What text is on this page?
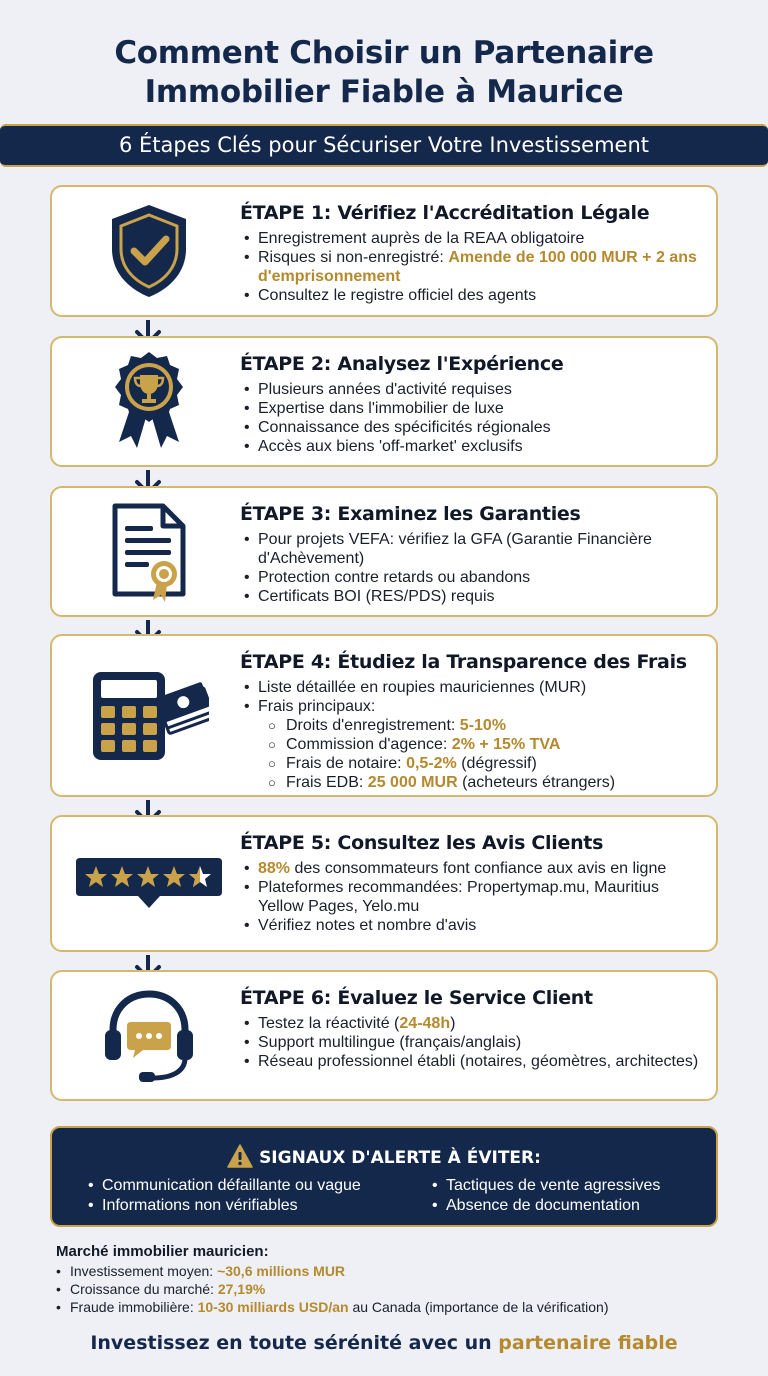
Comment Choisir un Partenaire
Immobilier Fiable à Maurice
6 Étapes Clés pour Sécuriser Votre Investissement
ÉTAPE 1: Vérifiez l'Accréditation Légale
• Enregistrement auprès de la REAA obligatoire
• Risques si non-enregistré: Amende de 100 000 MUR + 2 ans d'emprisonnement
• Consultez le registre officiel des agents
ÉTAPE 2: Analysez l'Expérience
• Plusieurs années d'activité requises
• Expertise dans l'immobilier de luxe
• Connaissance des spécificités régionales
• Accès aux biens 'off-market' exclusifs
ÉTAPE 3: Examinez les Garanties
• Pour projets VEFA: vérifiez la GFA (Garantie Financière d'Achèvement)
• Protection contre retards ou abandons
• Certificats BOI (RES/PDS) requis
ÉTAPE 4: Étudiez la Transparence des Frais
• Liste détaillée en roupies mauriciennes (MUR)
• Frais principaux:
○ Droits d'enregistrement: 5-10%
○ Commission d'agence: 2% + 15% TVA
○ Frais de notaire: 0,5-2% (dégressif)
○ Frais EDB: 25 000 MUR (acheteurs étrangers)
ÉTAPE 5: Consultez les Avis Clients
• 88% des consommateurs font confiance aux avis en ligne
• Plateformes recommandées: Propertymap.mu, Mauritius Yellow Pages, Yelo.mu
• Vérifiez notes et nombre d'avis
ÉTAPE 6: Évaluez le Service Client
• Testez la réactivité (24-48h)
• Support multilingue (français/anglais)
• Réseau professionnel établi (notaires, géomètres, architectes)
SIGNAUX D'ALERTE À ÉVITER:
• Communication défaillante ou vague
• Informations non vérifiables
• Tactiques de vente agressives
• Absence de documentation
Marché immobilier mauricien:
• Investissement moyen: ~30,6 millions MUR
• Croissance du marché: 27,19%
• Fraude immobilière: 10-30 milliards USD/an au Canada (importance de la vérification)
Investissez en toute sérénité avec un partenaire fiable
